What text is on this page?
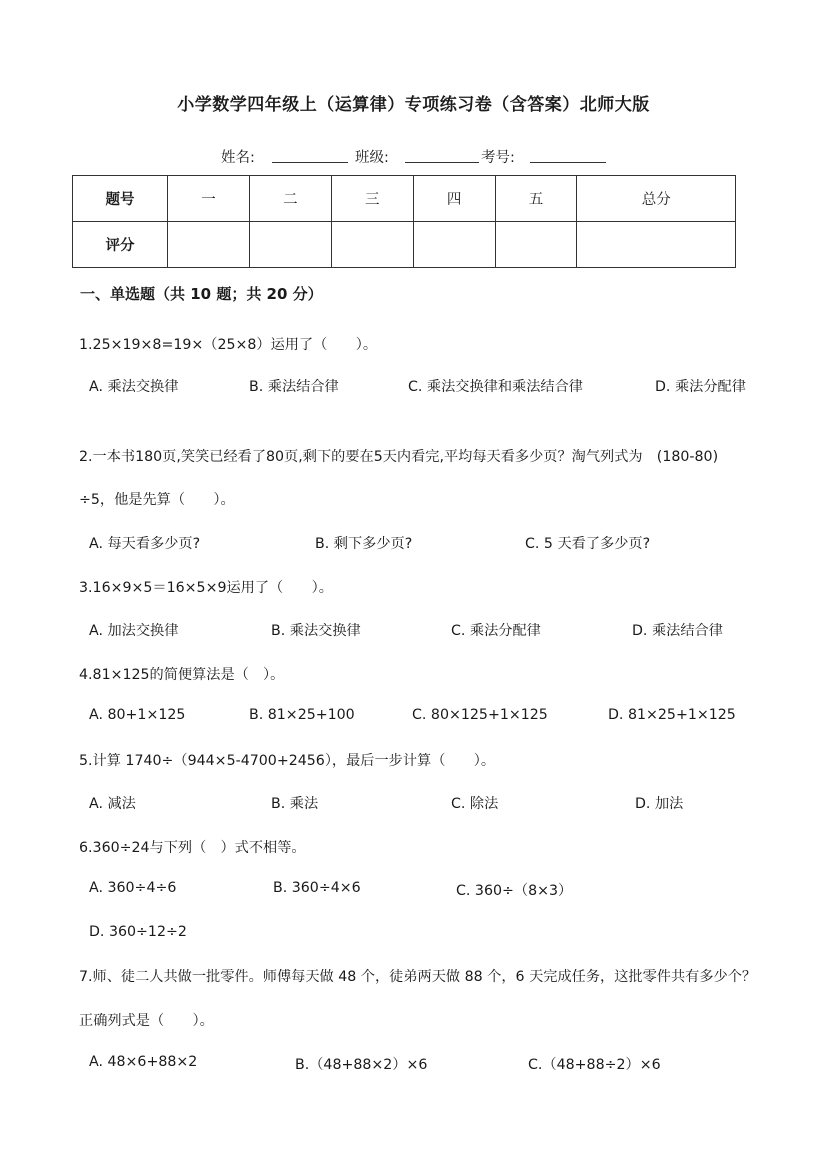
小学数学四年级上（运算律）专项练习卷（含答案）北师大版
姓名:	班级:	考号:
题号	一	二	三	四	五	总分
评分						
一、单选题（共 10 题；共 20 分）
1.25×19×8=19×（25×8）运用了（　　）。
A. 乘法交换律	B. 乘法结合律	C. 乘法交换律和乘法结合律	D. 乘法分配律
2.一本书180页,笑笑已经看了80页,剩下的要在5天内看完,平均每天看多少页？淘气列式为　(180-80)
÷5，他是先算（　　）。
A. 每天看多少页?	B. 剩下多少页?	C. 5 天看了多少页?
3.16×9×5＝16×5×9运用了（　　）。
A. 加法交换律	B. 乘法交换律	C. 乘法分配律	D. 乘法结合律
4.81×125的简便算法是（　）。
A. 80+1×125	B. 81×25+100	C. 80×125+1×125	D. 81×25+1×125
5.计算 1740÷（944×5-4700+2456），最后一步计算（　　）。
A. 减法	B. 乘法	C. 除法	D. 加法
6.360÷24与下列（　）式不相等。
A. 360÷4÷6	B. 360÷4×6	C. 360÷（8×3）
D. 360÷12÷2
7.师、徒二人共做一批零件。师傅每天做 48 个，徒弟两天做 88 个，6 天完成任务，这批零件共有多少个？
正确列式是（　　）。
A. 48×6+88×2	B.（48+88×2）×6	C.（48+88÷2）×6
